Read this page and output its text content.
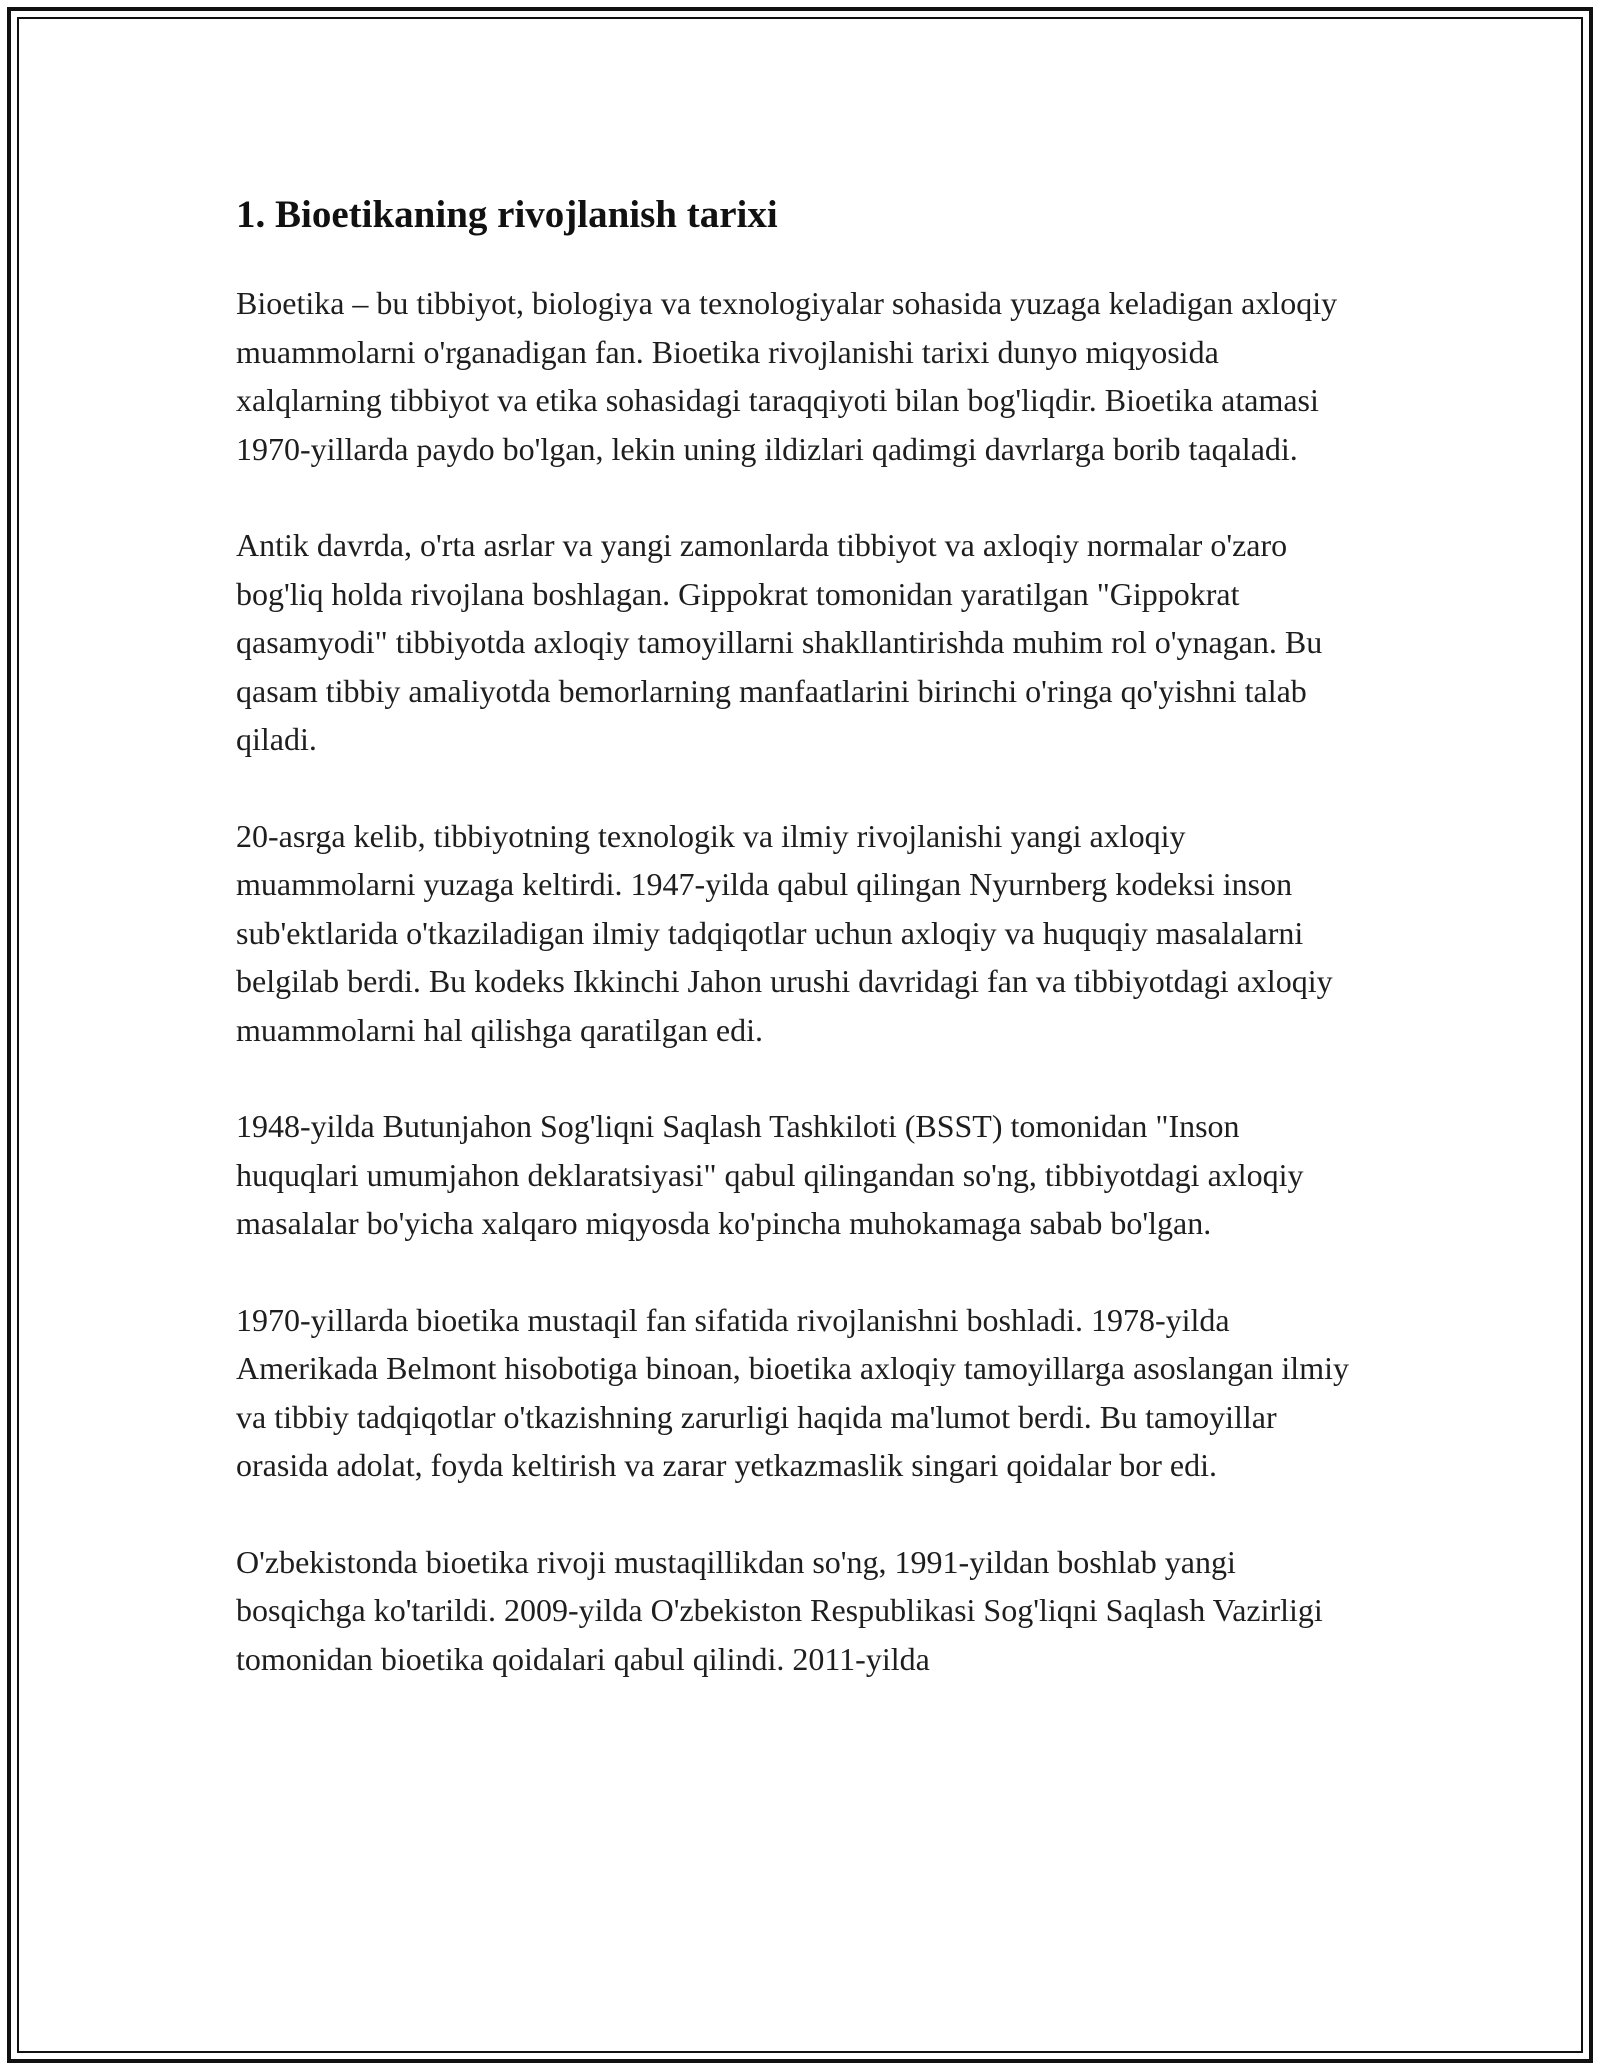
1. Bioetikaning rivojlanish tarixi

Bioetika – bu tibbiyot, biologiya va texnologiyalar sohasida yuzaga keladigan axloqiy muammolarni o'rganadigan fan. Bioetika rivojlanishi tarixi dunyo miqyosida xalqlarning tibbiyot va etika sohasidagi taraqqiyoti bilan bog'liqdir. Bioetika atamasi 1970-yillarda paydo bo'lgan, lekin uning ildizlari qadimgi davrlarga borib taqaladi.

Antik davrda, o'rta asrlar va yangi zamonlarda tibbiyot va axloqiy normalar o'zaro bog'liq holda rivojlana boshlagan. Gippokrat tomonidan yaratilgan "Gippokrat qasamyodi" tibbiyotda axloqiy tamoyillarni shakllantirishda muhim rol o'ynagan. Bu qasam tibbiy amaliyotda bemorlarning manfaatlarini birinchi o'ringa qo'yishni talab qiladi.

20-asrga kelib, tibbiyotning texnologik va ilmiy rivojlanishi yangi axloqiy muammolarni yuzaga keltirdi. 1947-yilda qabul qilingan Nyurnberg kodeksi inson sub'ektlarida o'tkaziladigan ilmiy tadqiqotlar uchun axloqiy va huquqiy masalalarni belgilab berdi. Bu kodeks Ikkinchi Jahon urushi davridagi fan va tibbiyotdagi axloqiy muammolarni hal qilishga qaratilgan edi.

1948-yilda Butunjahon Sog'liqni Saqlash Tashkiloti (BSST) tomonidan "Inson huquqlari umumjahon deklaratsiyasi" qabul qilingandan so'ng, tibbiyotdagi axloqiy masalalar bo'yicha xalqaro miqyosda ko'pincha muhokamaga sabab bo'lgan.

1970-yillarda bioetika mustaqil fan sifatida rivojlanishni boshladi. 1978-yilda Amerikada Belmont hisobotiga binoan, bioetika axloqiy tamoyillarga asoslangan ilmiy va tibbiy tadqiqotlar o'tkazishning zarurligi haqida ma'lumot berdi. Bu tamoyillar orasida adolat, foyda keltirish va zarar yetkazmaslik singari qoidalar bor edi.

O'zbekistonda bioetika rivoji mustaqillikdan so'ng, 1991-yildan boshlab yangi bosqichga ko'tarildi. 2009-yilda O'zbekiston Respublikasi Sog'liqni Saqlash Vazirligi tomonidan bioetika qoidalari qabul qilindi. 2011-yilda
